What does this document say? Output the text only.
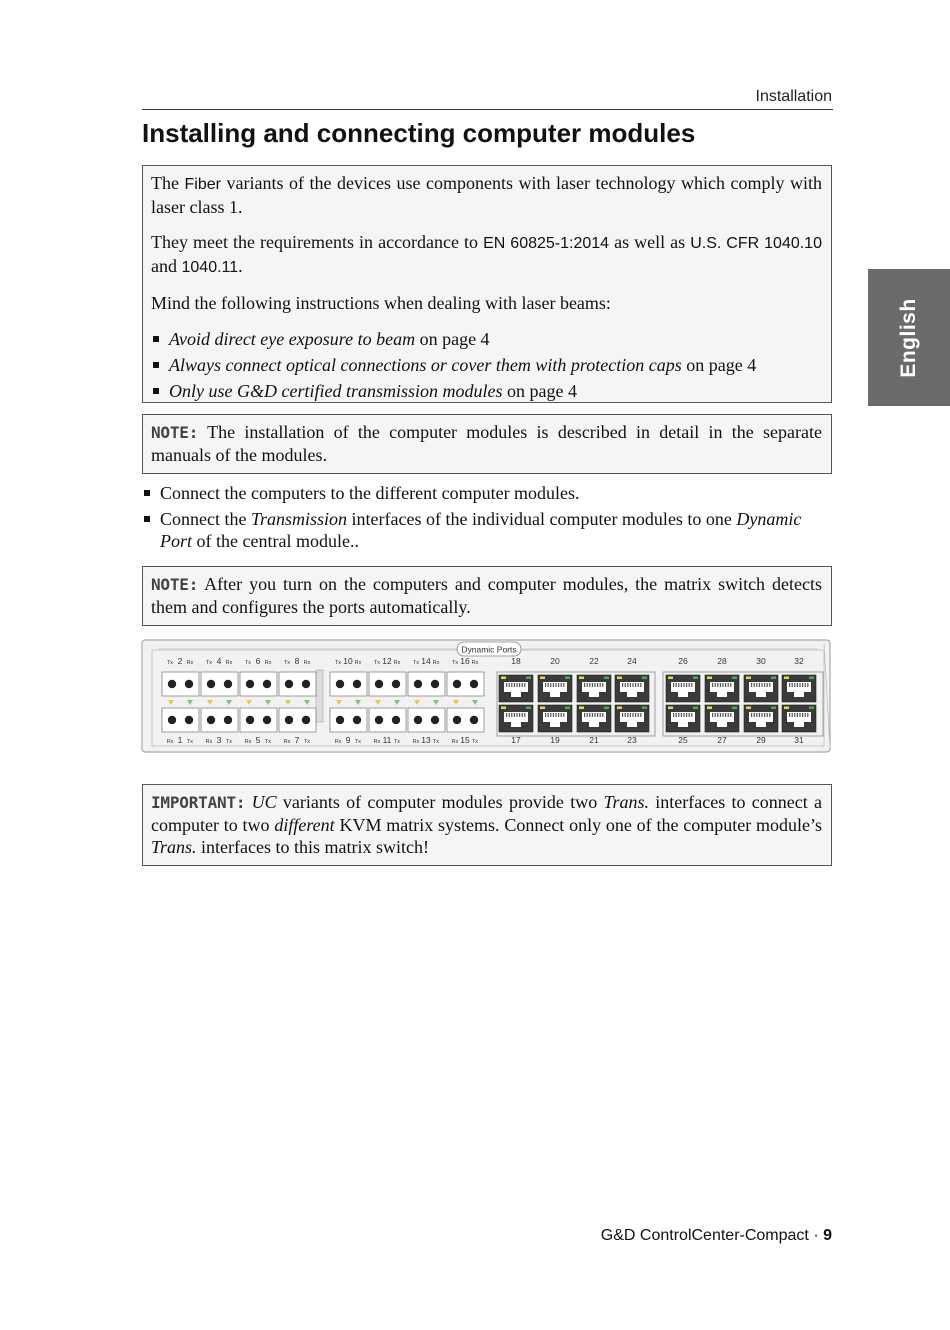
Installation
Installing and connecting computer modules
English

The Fiber variants of the devices use components with laser technology which comply with laser class 1.

They meet the requirements in accordance to EN 60825-1:2014 as well as U.S. CFR 1040.10 and 1040.11.

Mind the following instructions when dealing with laser beams:

Avoid direct eye exposure to beam on page 4
Always connect optical connections or cover them with protection caps on page 4
Only use G&D certified transmission modules on page 4

NOTE: The installation of the computer modules is described in detail in the separate manuals of the modules.

Connect the computers to the different computer modules.
Connect the Transmission interfaces of the individual computer modules to one Dynamic Port of the central module..

NOTE: After you turn on the computers and computer modules, the matrix switch detects them and configures the ports automatically.

Dynamic Ports
Tx 2 Rx
Rx 1 Tx
Tx 4 Rx
Rx 3 Tx
Tx 6 Rx
Rx 5 Tx
Tx 8 Rx
Rx 7 Tx
Tx 10 Rx
Rx 9 Tx
Tx 12 Rx
Rx 11 Tx
Tx 14 Rx
Rx 13 Tx
Tx 16 Rx
Rx 15 Tx
18
17
20
19
22
21
24
23
26
25
28
27
30
29
32
31

IMPORTANT: UC variants of computer modules provide two Trans. interfaces to connect a computer to two different KVM matrix systems. Connect only one of the computer module’s Trans. interfaces to this matrix switch!

G&D ControlCenter-Compact · 9
